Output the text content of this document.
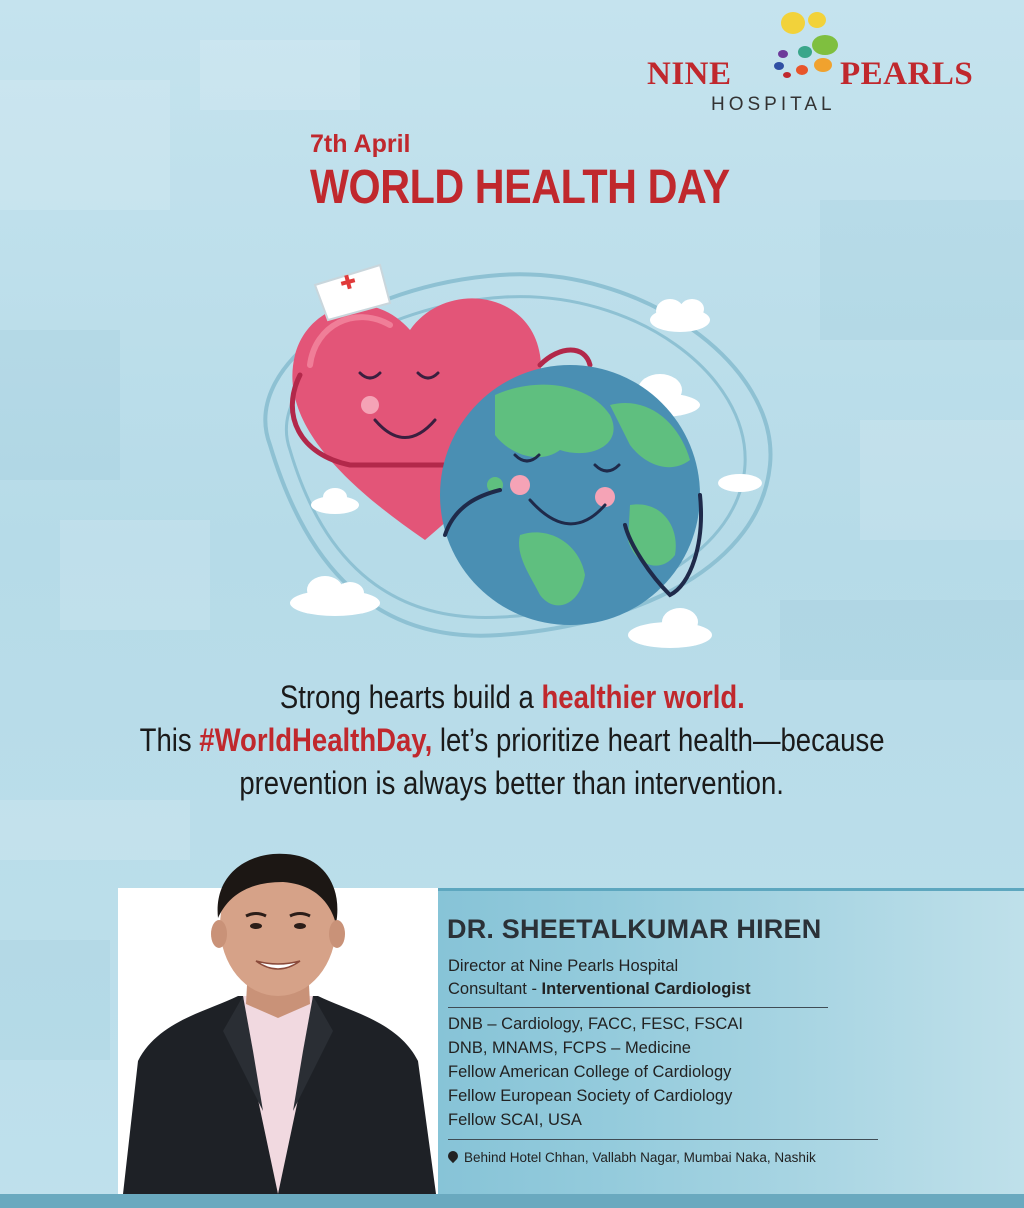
NINE	PEARLS
HOSPITAL
7th April
WORLD HEALTH DAY
Strong hearts build a healthier world.
This #WorldHealthDay, let’s prioritize heart health—because
prevention is always better than intervention.
DR. SHEETALKUMAR HIREN
Director at Nine Pearls Hospital
Consultant - Interventional Cardiologist
DNB – Cardiology, FACC, FESC, FSCAI
DNB, MNAMS, FCPS – Medicine
Fellow American College of Cardiology
Fellow European Society of Cardiology
Fellow SCAI, USA
Behind Hotel Chhan, Vallabh Nagar, Mumbai Naka, Nashik
